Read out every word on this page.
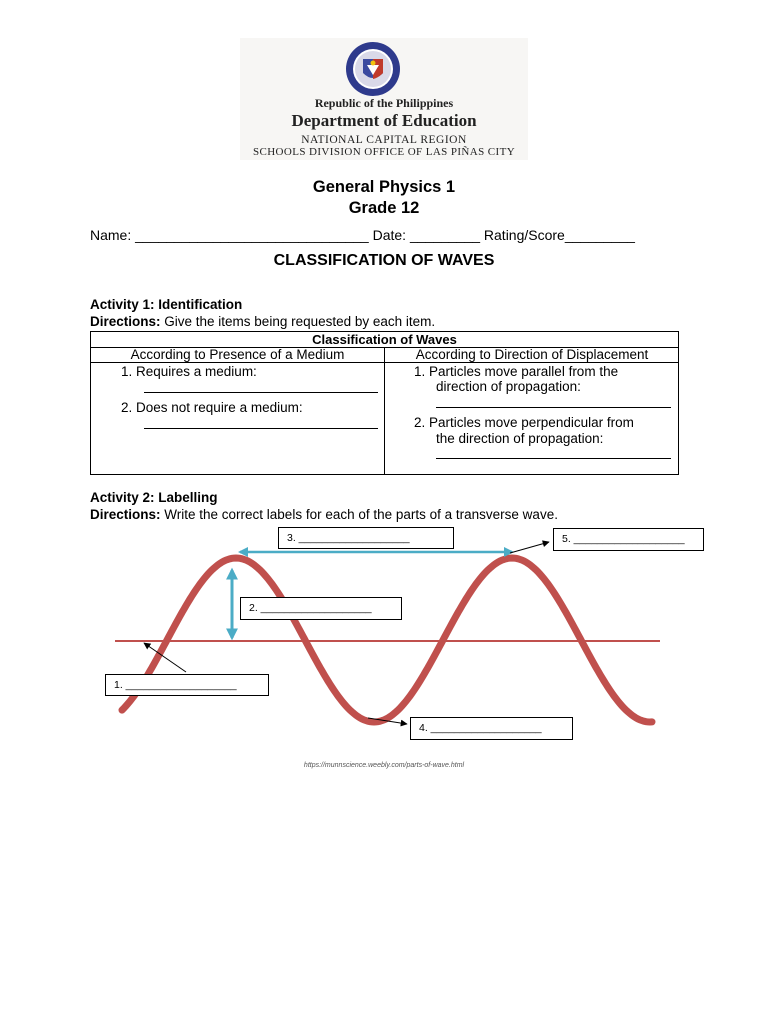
Republic of the Philippines
Department of Education
NATIONAL CAPITAL REGION
SCHOOLS DIVISION OFFICE OF LAS PIÑAS CITY
General Physics 1
Grade 12
Name: ______________________________ Date: _________ Rating/Score_________
CLASSIFICATION OF WAVES
Activity 1: Identification
Directions: Give the items being requested by each item.
Classification of Waves
According to Presence of a Medium	According to Direction of Displacement
1. Requires a medium:
2. Does not require a medium:
1. Particles move parallel from the
direction of propagation:
2. Particles move perpendicular from
the direction of propagation:
Activity 2: Labelling
Directions: Write the correct labels for each of the parts of a transverse wave.
3. ___________________	5. ___________________
2. ___________________
1. ___________________
4. ___________________
https://munnscience.weebly.com/parts-of-wave.html
